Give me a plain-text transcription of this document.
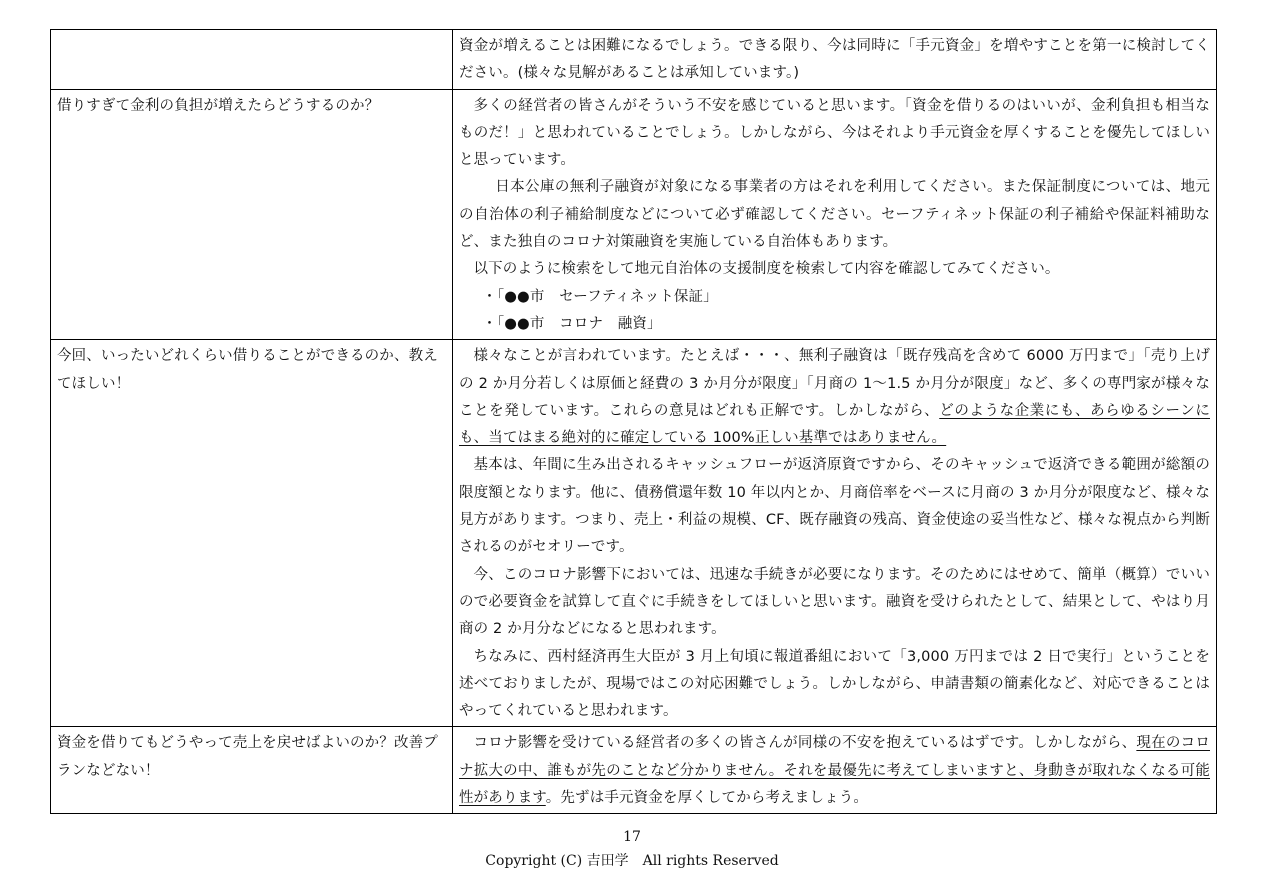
	資金が増えることは困難になるでしょう。できる限り、今は同時に「手元資金」を増やすことを第一に検討してください。(様々な見解があることは承知しています。)

借りすぎて金利の負担が増えたらどうするのか？	多くの経営者の皆さんがそういう不安を感じていると思います。「資金を借りるのはいいが、金利負担も相当なものだ！」と思われていることでしょう。しかしながら、今はそれより手元資金を厚くすることを優先してほしいと思っています。

日本公庫の無利子融資が対象になる事業者の方はそれを利用してください。また保証制度については、地元の自治体の利子補給制度などについて必ず確認してください。セーフティネット保証の利子補給や保証料補助など、また独自のコロナ対策融資を実施している自治体もあります。

以下のように検索をして地元自治体の支援制度を検索して内容を確認してみてください。

・「●●市　セーフティネット保証」

・「●●市　コロナ　融資」

今回、いったいどれくらい借りることができるのか、教えてほしい！	様々なことが言われています。たとえば・・・、無利子融資は「既存残高を含めて 6000 万円まで」「売り上げの 2 か月分若しくは原価と経費の 3 か月分が限度」「月商の 1～1.5 か月分が限度」など、多くの専門家が様々なことを発しています。これらの意見はどれも正解です。しかしながら、どのような企業にも、あらゆるシーンにも、当てはまる絶対的に確定している 100%正しい基準ではありません。

基本は、年間に生み出されるキャッシュフローが返済原資ですから、そのキャッシュで返済できる範囲が総額の限度額となります。他に、債務償還年数 10 年以内とか、月商倍率をベースに月商の 3 か月分が限度など、様々な見方があります。つまり、売上・利益の規模、CF、既存融資の残高、資金使途の妥当性など、様々な視点から判断されるのがセオリーです。

今、このコロナ影響下においては、迅速な手続きが必要になります。そのためにはせめて、簡単（概算）でいいので必要資金を試算して直ぐに手続きをしてほしいと思います。融資を受けられたとして、結果として、やはり月商の 2 か月分などになると思われます。

ちなみに、西村経済再生大臣が 3 月上旬頃に報道番組において「3,000 万円までは 2 日で実行」ということを述べておりましたが、現場ではこの対応困難でしょう。しかしながら、申請書類の簡素化など、対応できることはやってくれていると思われます。

資金を借りてもどうやって売上を戻せばよいのか？改善プランなどない！	コロナ影響を受けている経営者の多くの皆さんが同様の不安を抱えているはずです。しかしながら、現在のコロナ拡大の中、誰もが先のことなど分かりません。それを最優先に考えてしまいますと、身動きが取れなくなる可能性があります。先ずは手元資金を厚くしてから考えましょう。

17
Copyright (C) 吉田学　All rights Reserved
